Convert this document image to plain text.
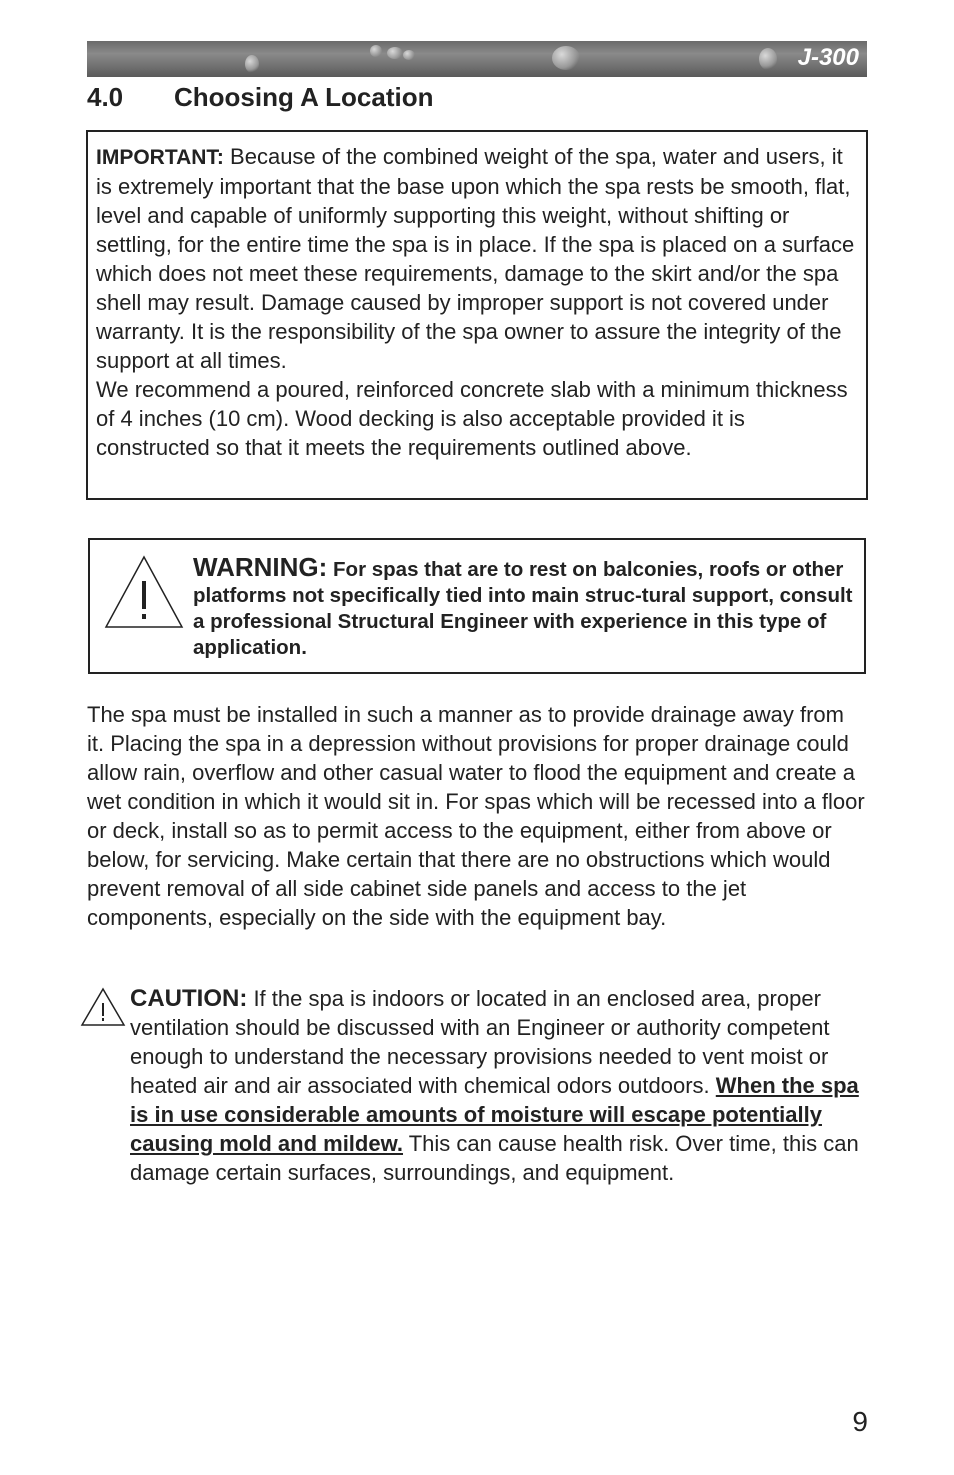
J-300
4.0 Choosing A Location

IMPORTANT: Because of the combined weight of the spa, water and users, it is extremely important that the base upon which the spa rests be smooth, flat, level and capable of uniformly supporting this weight, without shifting or settling, for the entire time the spa is in place. If the spa is placed on a surface which does not meet these requirements, damage to the skirt and/or the spa shell may result. Damage caused by improper support is not covered under warranty. It is the responsibility of the spa owner to assure the integrity of the support at all times.

We recommend a poured, reinforced concrete slab with a minimum thickness of 4 inches (10 cm). Wood decking is also acceptable provided it is constructed so that it meets the requirements outlined above.

WARNING: For spas that are to rest on balconies, roofs or other platforms not specifically tied into main struc-tural support, consult a professional Structural Engineer with experience in this type of application.

The spa must be installed in such a manner as to provide drainage away from it. Placing the spa in a depression without provisions for proper drainage could allow rain, overflow and other casual water to flood the equipment and create a wet condition in which it would sit in. For spas which will be recessed into a floor or deck, install so as to permit access to the equipment, either from above or below, for servicing. Make certain that there are no obstructions which would prevent removal of all side cabinet side panels and access to the jet components, especially on the side with the equipment bay.

CAUTION: If the spa is indoors or located in an enclosed area, proper ventilation should be discussed with an Engineer or authority competent enough to understand the necessary provisions needed to vent moist or heated air and air associated with chemical odors outdoors. When the spa is in use considerable amounts of moisture will escape potentially causing mold and mildew. This can cause health risk. Over time, this can damage certain surfaces, surroundings, and equipment.

9
